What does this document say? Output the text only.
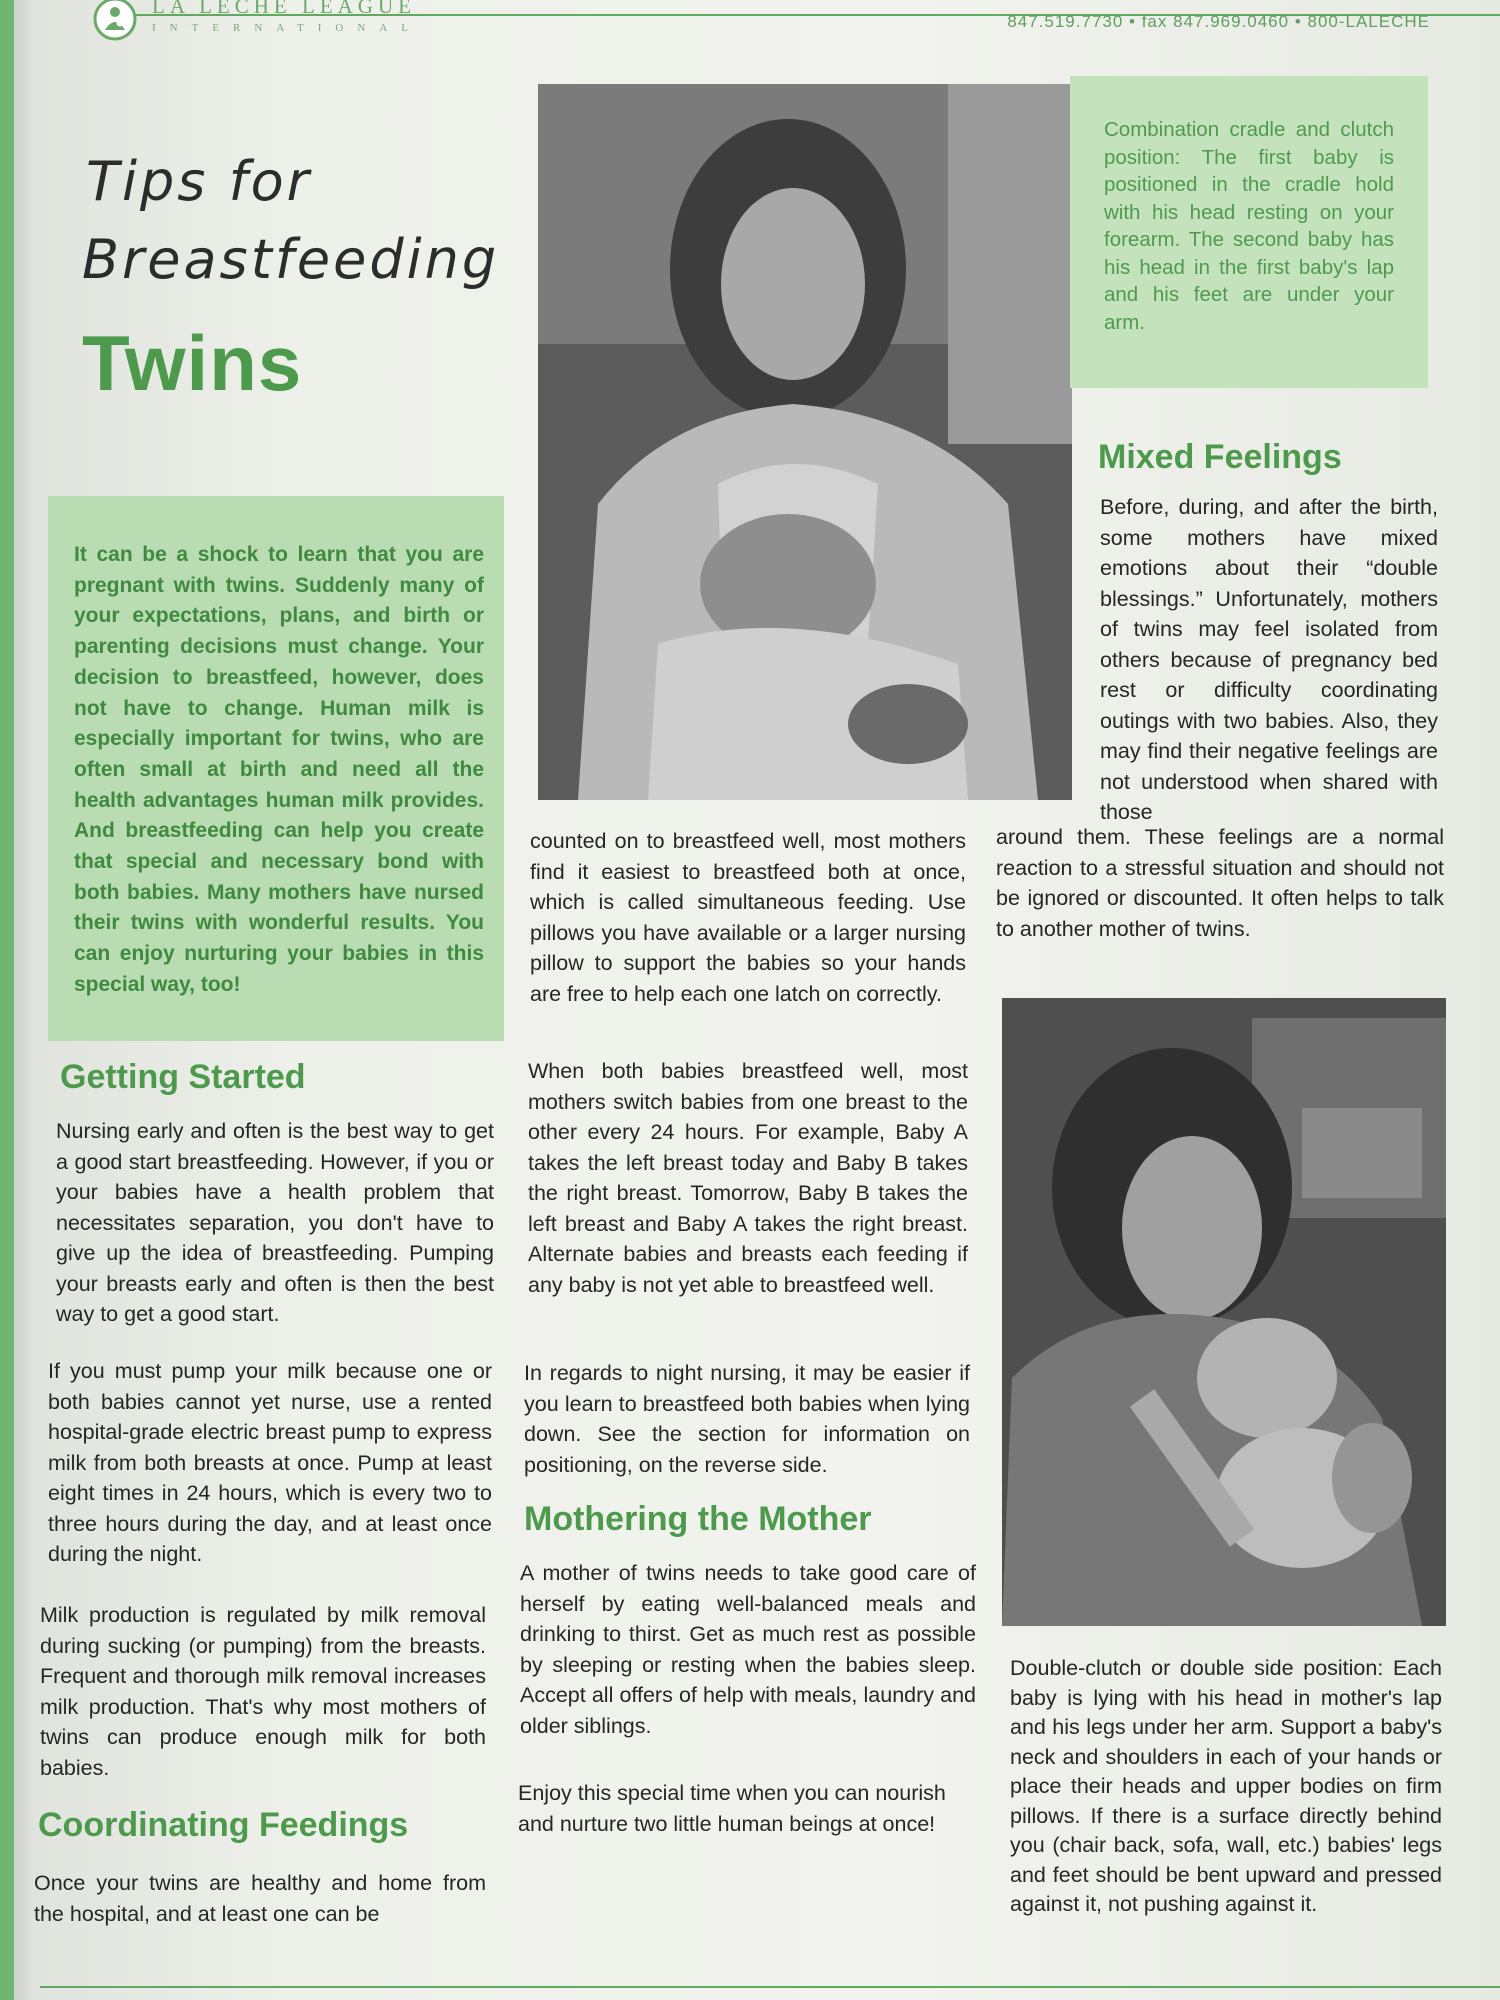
LA LECHE LEAGUE
INTERNATIONAL	847.519.7730 • fax 847.969.0460 • 800-LALECHE
Tips for
Breastfeeding
Twins
It can be a shock to learn that you are pregnant with twins. Suddenly many of your expectations, plans, and birth or parenting decisions must change. Your decision to breastfeed, however, does not have to change. Human milk is especially important for twins, who are often small at birth and need all the health advantages human milk provides. And breastfeeding can help you create that special and necessary bond with both babies. Many mothers have nursed their twins with wonderful results. You can enjoy nurturing your babies in this special way, too!
Getting Started
Nursing early and often is the best way to get a good start breastfeeding. However, if you or your babies have a health problem that necessitates separation, you don't have to give up the idea of breastfeeding. Pumping your breasts early and often is then the best way to get a good start.
If you must pump your milk because one or both babies cannot yet nurse, use a rented hospital-grade electric breast pump to express milk from both breasts at once. Pump at least eight times in 24 hours, which is every two to three hours during the day, and at least once during the night.
Milk production is regulated by milk removal during sucking (or pumping) from the breasts. Frequent and thorough milk removal increases milk production. That's why most mothers of twins can produce enough milk for both babies.
Coordinating Feedings
Once your twins are healthy and home from the hospital, and at least one can be
counted on to breastfeed well, most mothers find it easiest to breastfeed both at once, which is called simultaneous feeding. Use pillows you have available or a larger nursing pillow to support the babies so your hands are free to help each one latch on correctly.
When both babies breastfeed well, most mothers switch babies from one breast to the other every 24 hours. For example, Baby A takes the left breast today and Baby B takes the right breast. Tomorrow, Baby B takes the left breast and Baby A takes the right breast. Alternate babies and breasts each feeding if any baby is not yet able to breastfeed well.
In regards to night nursing, it may be easier if you learn to breastfeed both babies when lying down. See the section for information on positioning, on the reverse side.
Mothering the Mother
A mother of twins needs to take good care of herself by eating well-balanced meals and drinking to thirst. Get as much rest as possible by sleeping or resting when the babies sleep. Accept all offers of help with meals, laundry and older siblings.
Enjoy this special time when you can nourish and nurture two little human beings at once!
Combination cradle and clutch position: The first baby is positioned in the cradle hold with his head resting on your forearm. The second baby has his head in the first baby's lap and his feet are under your arm.
Mixed Feelings
Before, during, and after the birth, some mothers have mixed emotions about their “double blessings.” Unfortunately, mothers of twins may feel isolated from others because of pregnancy bed rest or difficulty coordinating outings with two babies. Also, they may find their negative feelings are not understood when shared with those
around them. These feelings are a normal reaction to a stressful situation and should not be ignored or discounted. It often helps to talk to another mother of twins.
Double-clutch or double side position: Each baby is lying with his head in mother's lap and his legs under her arm. Support a baby's neck and shoulders in each of your hands or place their heads and upper bodies on firm pillows. If there is a surface directly behind you (chair back, sofa, wall, etc.) babies' legs and feet should be bent upward and pressed against it, not pushing against it.
